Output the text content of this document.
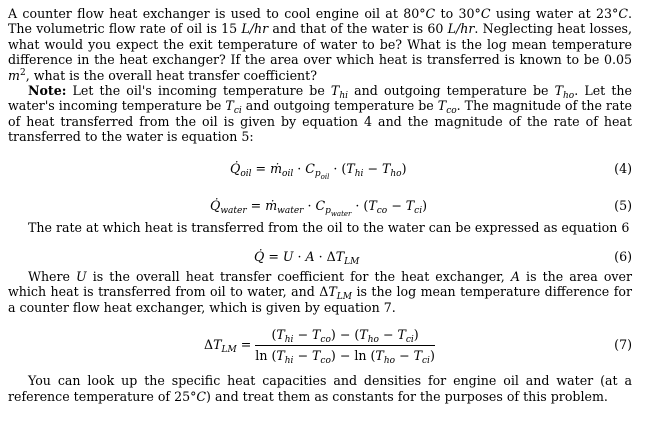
A counter flow heat exchanger is used to cool engine oil at 80°C to 30°C using water at 23°C. The volumetric flow rate of oil is 15 L/hr and that of the water is 60 L/hr. Neglecting heat losses, what would you expect the exit temperature of water to be? What is the log mean temperature difference in the heat exchanger? If the area over which heat is transferred is known to be 0.05 $m^2$, what is the overall heat transfer coefficient?

Note: Let the oil's incoming temperature be $T_{hi}$ and outgoing temperature be $T_{ho}$. Let the water's incoming temperature be $T_{ci}$ and outgoing temperature be $T_{co}$. The magnitude of the rate of heat transferred from the oil is given by equation 4 and the magnitude of the rate of heat transferred to the water is equation 5:

$Q̇_{oil}$ = ṁ$_{oil}$ · $C_{p_{oil}} \cdot (T_{hi} - T_{ho})$	(4)
$Q̇_{water}$ = ṁ$_{water}$ · $C_{p_{water}} \cdot (T_{co} - T_{ci})$	(5)

The rate at which heat is transferred from the oil to the water can be expressed as equation 6

Q̇ = $U \cdot A \cdot \Delta T_{LM}$	(6)

Where U is the overall heat transfer coefficient for the heat exchanger, A is the area over which heat is transferred from oil to water, and $\Delta T_{LM}$ is the log mean temperature difference for a counter flow heat exchanger, which is given by equation 7.

$\Delta T_{LM} = \frac{(T_{hi} - T_{co}) - (T_{ho} - T_{ci})}{\ln (T_{hi} - T_{co}) - \ln (T_{ho} - T_{ci})}$	(7)

You can look up the specific heat capacities and densities for engine oil and water (at a reference temperature of 25°C) and treat them as constants for the purposes of this problem.
